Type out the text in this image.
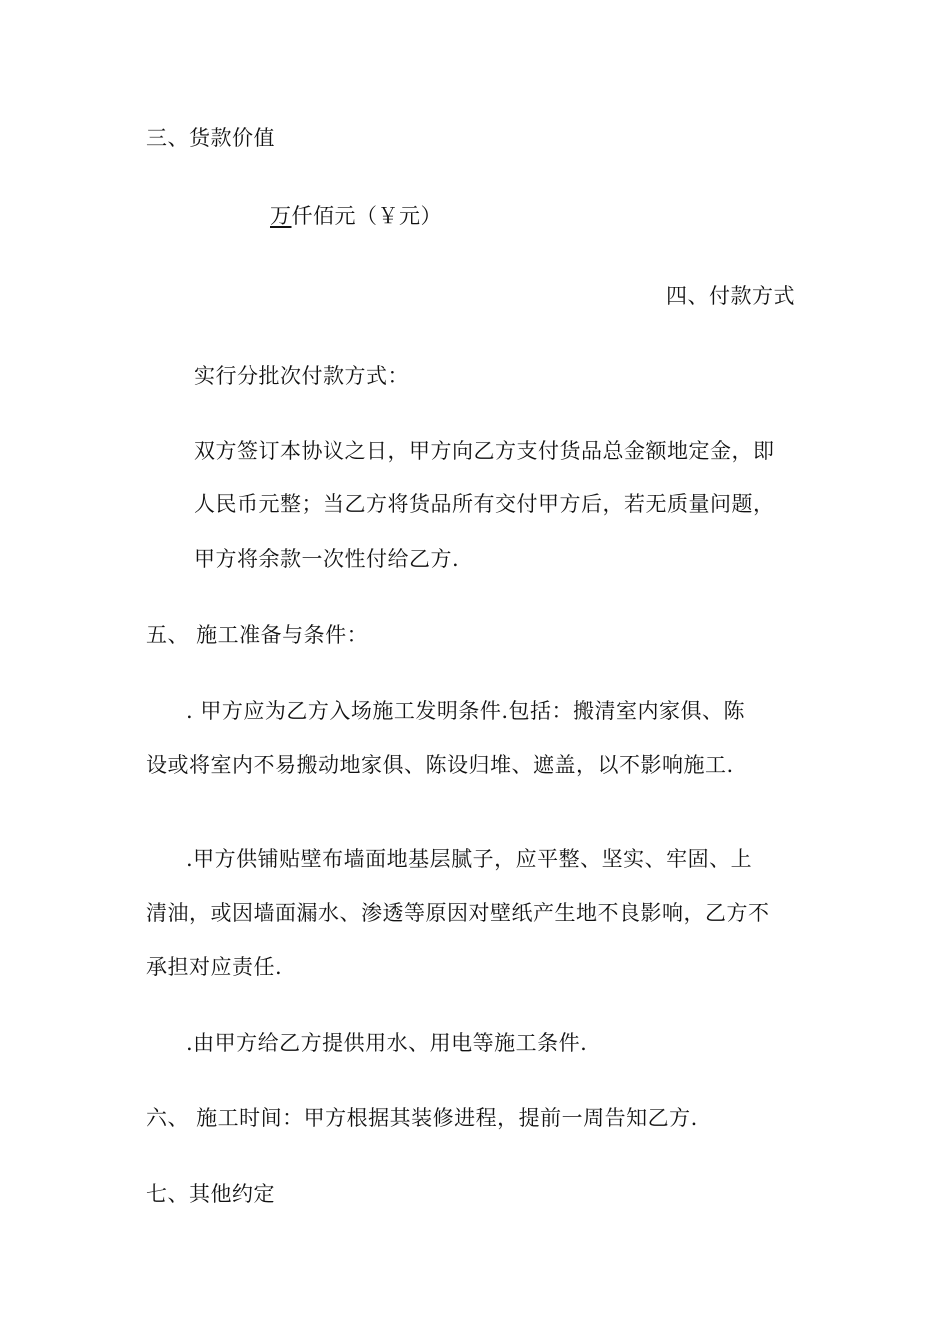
三、货款价值
万仟佰元（￥元）
四、付款方式
实行分批次付款方式：
双方签订本协议之日，甲方向乙方支付货品总金额地定金，即
人民币元整；当乙方将货品所有交付甲方后，若无质量问题，
甲方将余款一次性付给乙方.
五、 施工准备与条件：
. 甲方应为乙方入场施工发明条件.包括：搬清室内家俱、陈
设或将室内不易搬动地家俱、陈设归堆、遮盖，以不影响施工.
.甲方供铺贴壁布墙面地基层腻子，应平整、坚实、牢固、上
清油，或因墙面漏水、渗透等原因对壁纸产生地不良影响，乙方不
承担对应责任.
.由甲方给乙方提供用水、用电等施工条件.
六、 施工时间：甲方根据其装修进程，提前一周告知乙方.
七、其他约定
